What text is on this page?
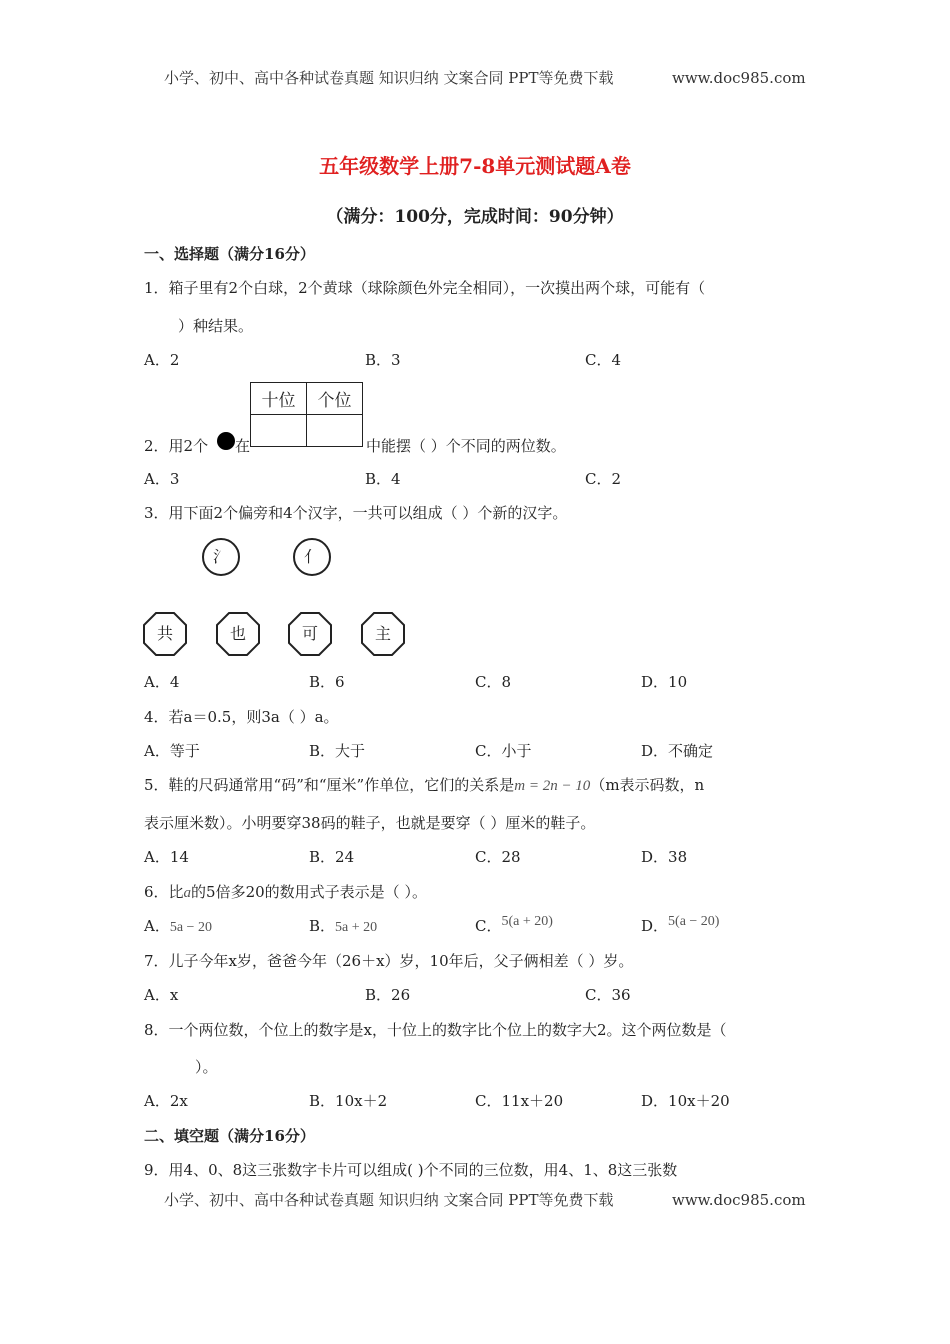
小学、初中、高中各种试卷真题 知识归纳 文案合同 PPT等免费下载	www.doc985.com
五年级数学上册7-8单元测试题A卷
（满分：100分，完成时间：90分钟）
一、选择题（满分16分）
1．箱子里有2个白球，2个黄球（球除颜色外完全相同），一次摸出两个球，可能有（
）种结果。
A．2	B．3	C．4
十位	个位

2．用2个 在	中能摆（ ）个不同的两位数。
A．3	B．4	C．2
3．用下面2个偏旁和4个汉字，一共可以组成（ ）个新的汉字。
氵	亻
共	也	可	主
A．4	B．6	C．8	D．10
4．若a＝0.5，则3a（ ）a。
A．等于	B．大于	C．小于	D．不确定
5．鞋的尺码通常用“码”和“厘米”作单位，它们的关系是m = 2n − 10（m表示码数，n
表示厘米数）。小明要穿38码的鞋子，也就是要穿（ ）厘米的鞋子。
A．14	B．24	C．28	D．38
6．比a的5倍多20的数用式子表示是（ ）。
A．5a − 20	B．5a + 20	C．5(a + 20)	D．5(a − 20)
7．儿子今年x岁，爸爸今年（26＋x）岁，10年后，父子俩相差（ ）岁。
A．x	B．26	C．36
8．一个两位数，个位上的数字是x，十位上的数字比个位上的数字大2。这个两位数是（
）。
A．2x	B．10x＋2	C．11x＋20	D．10x＋20
二、填空题（满分16分）
9．用4、0、8这三张数字卡片可以组成( )个不同的三位数，用4、1、8这三张数
小学、初中、高中各种试卷真题 知识归纳 文案合同 PPT等免费下载	www.doc985.com
